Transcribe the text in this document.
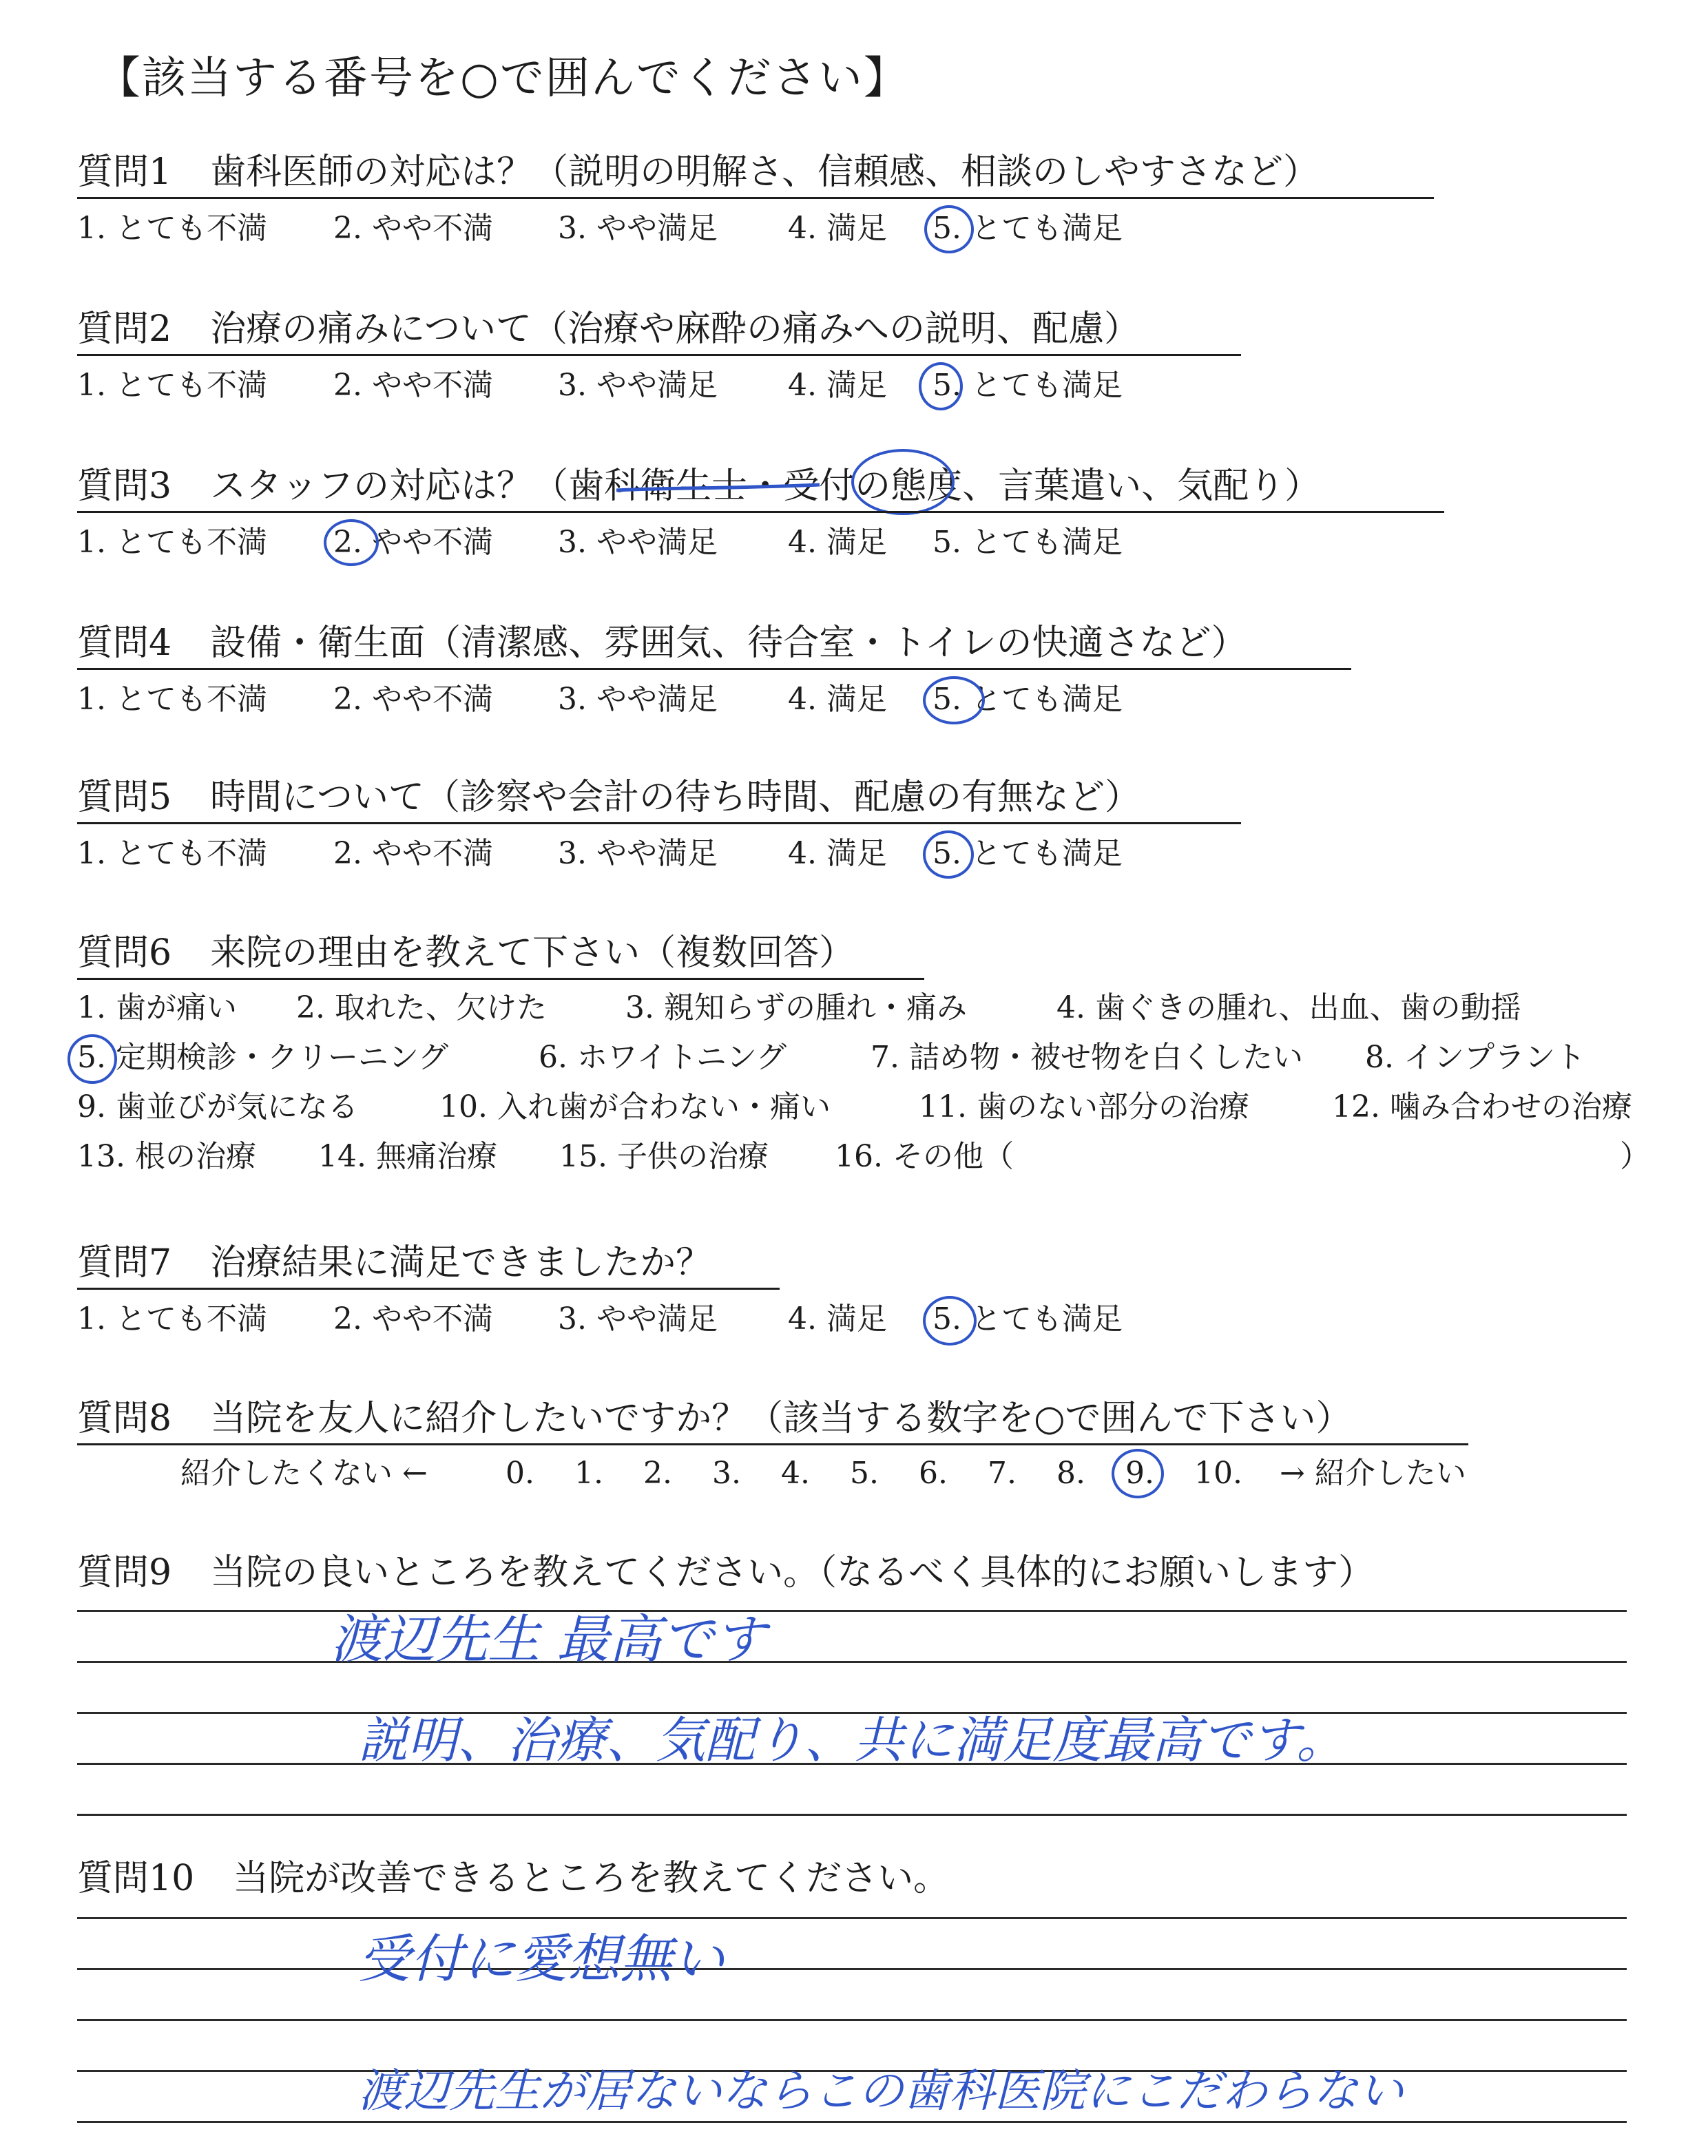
【該当する番号を○で囲んでください】
質問1 歯科医師の対応は？（説明の明解さ、信頼感、相談のしやすさなど）
1. とても不満 2. やや不満 3. やや満足 4. 満足 5. とても満足
質問2 治療の痛みについて（治療や麻酔の痛みへの説明、配慮）
1. とても不満 2. やや不満 3. やや満足 4. 満足 5. とても満足
質問3 スタッフの対応は？（歯科衛生士・受付の態度、言葉遣い、気配り）
1. とても不満 2. やや不満 3. やや満足 4. 満足 5. とても満足
質問4 設備・衛生面（清潔感、雰囲気、待合室・トイレの快適さなど）
1. とても不満 2. やや不満 3. やや満足 4. 満足 5. とても満足
質問5 時間について（診察や会計の待ち時間、配慮の有無など）
1. とても不満 2. やや不満 3. やや満足 4. 満足 5. とても満足
質問6 来院の理由を教えて下さい（複数回答）
1. 歯が痛い 2. 取れた、欠けた	3. 親知らずの腫れ・痛み	4. 歯ぐきの腫れ、出血、歯の動揺
5. 定期検診・クリーニング	6. ホワイトニング	7. 詰め物・被せ物を白くしたい 8. インプラント
9. 歯並びが気になる	10. 入れ歯が合わない・痛い	11. 歯のない部分の治療	12. 噛み合わせの治療
13. 根の治療 14. 無痛治療 15. 子供の治療 16. その他（	）
質問7 治療結果に満足できましたか？
1. とても不満 2. やや不満 3. やや満足 4. 満足 5. とても満足
質問8 当院を友人に紹介したいですか？（該当する数字を○で囲んで下さい）
紹介したくない ←	0. 1. 2. 3. 4. 5. 6. 7. 8. 9. 10. → 紹介したい
質問9 当院の良いところを教えてください。（なるべく具体的にお願いします）
渡辺先生 最高です
説明、治療、気配り、共に満足度最高です。
質問10 当院が改善できるところを教えてください。
受付に愛想無い
渡辺先生が居ないならこの歯科医院にこだわらない
